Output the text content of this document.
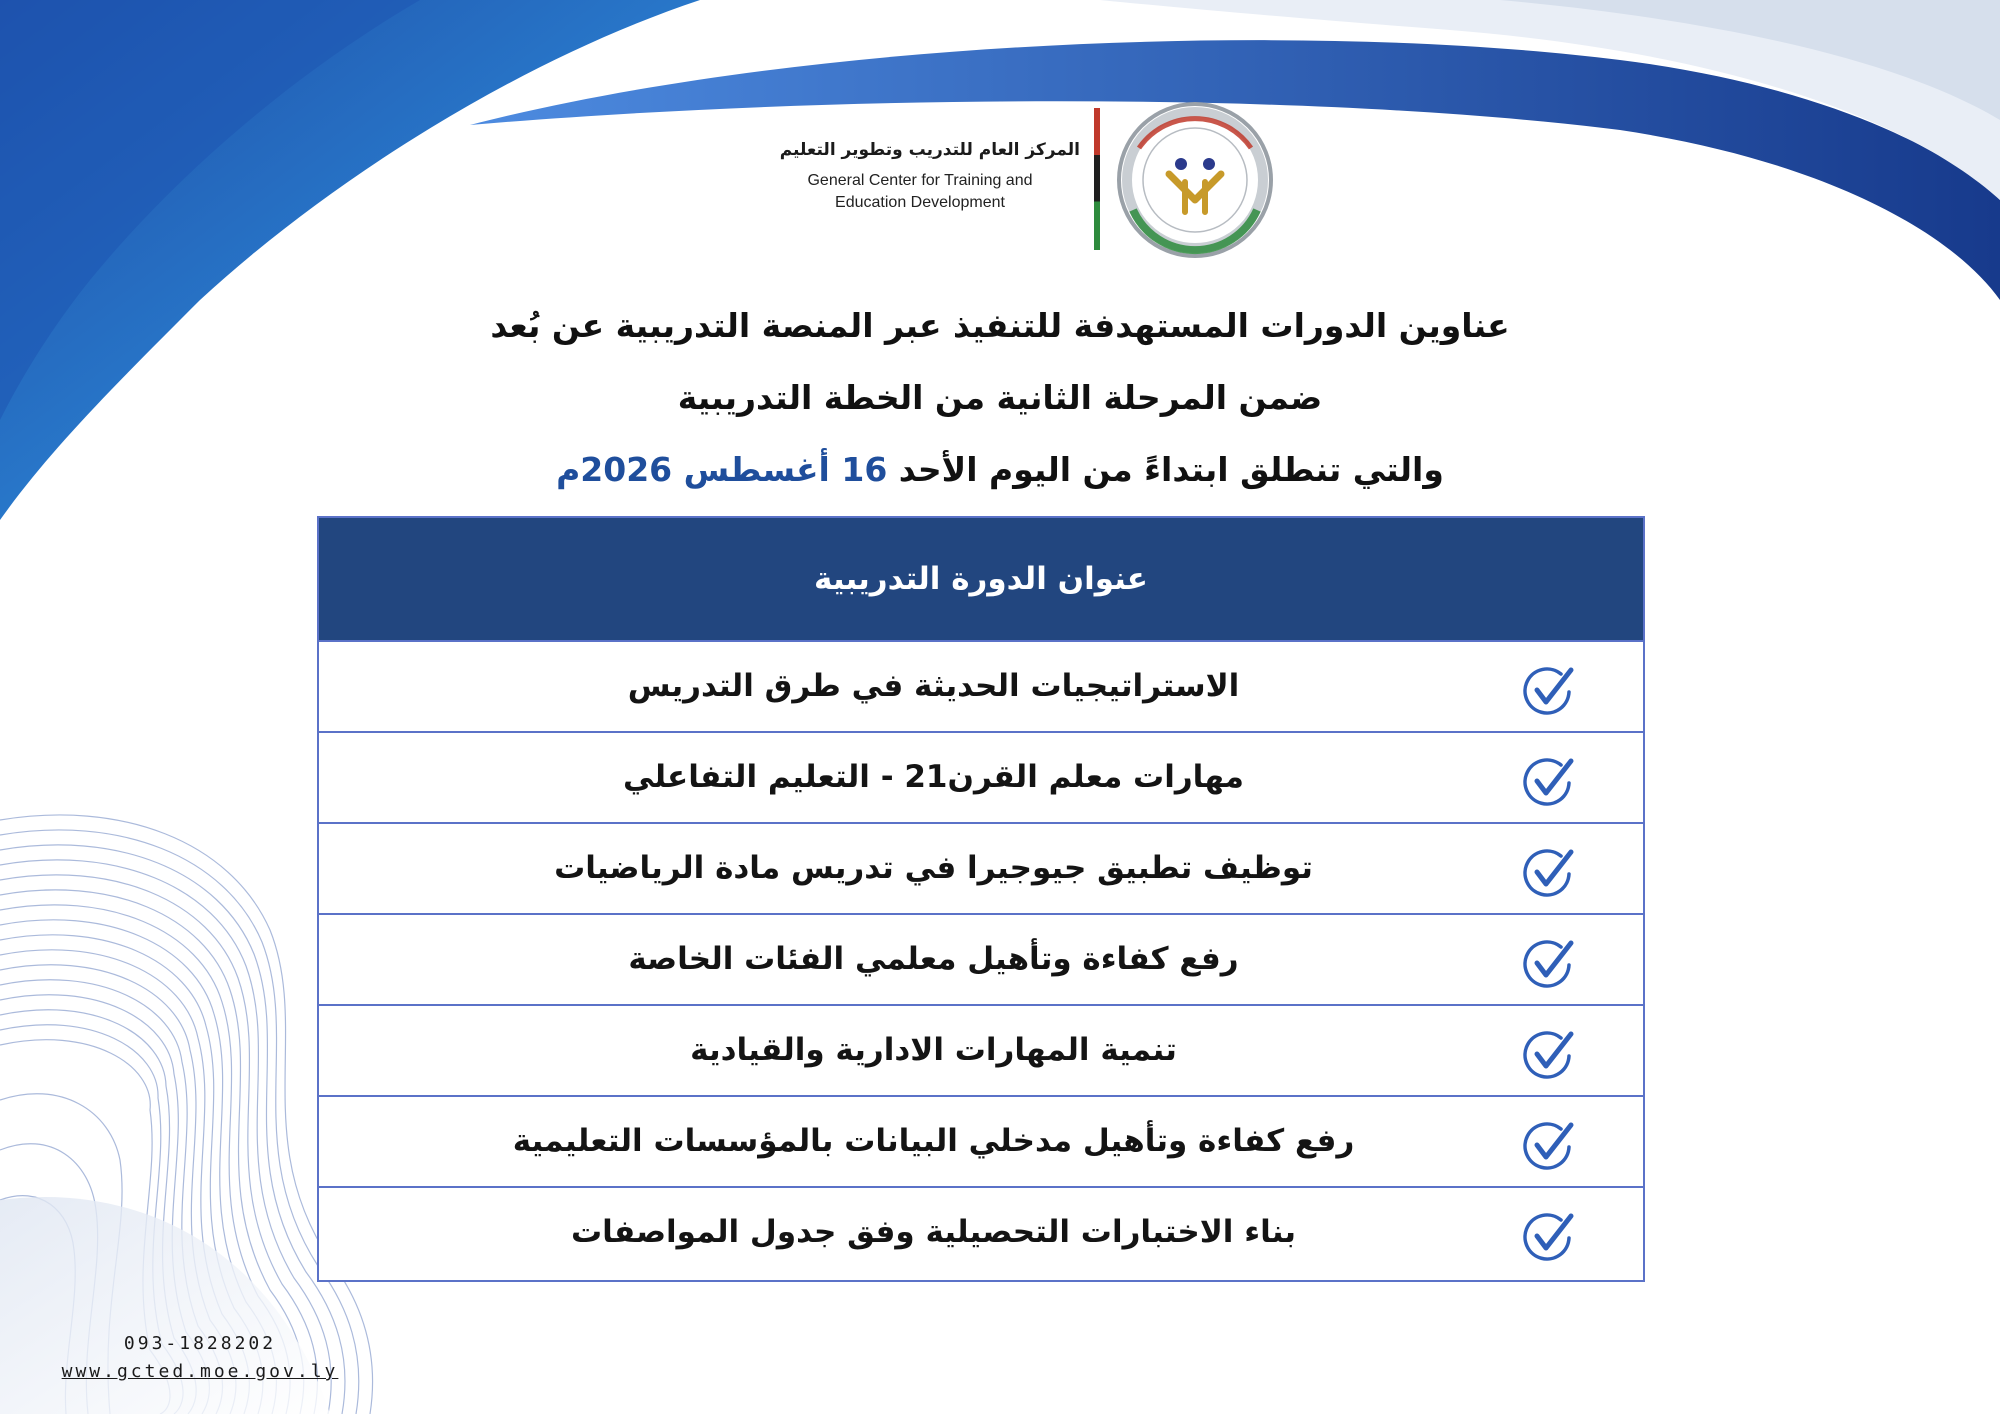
المركز العام للتدريب وتطوير التعليم
General Center for Training and
Education Development
عناوين الدورات المستهدفة للتنفيذ عبر المنصة التدريبية عن بُعد
ضمن المرحلة الثانية من الخطة التدريبية
والتي تنطلق ابتداءً من اليوم الأحد 16 أغسطس 2026م
عنوان الدورة التدريبية
الاستراتيجيات الحديثة في طرق التدريس
مهارات معلم القرن21 - التعليم التفاعلي
توظيف تطبيق جيوجيرا في تدريس مادة الرياضيات
رفع كفاءة وتأهيل معلمي الفئات الخاصة
تنمية المهارات الادارية والقيادية
رفع كفاءة وتأهيل مدخلي البيانات بالمؤسسات التعليمية
بناء الاختبارات التحصيلية وفق جدول المواصفات
093-1828202
www.gcted.moe.gov.ly
